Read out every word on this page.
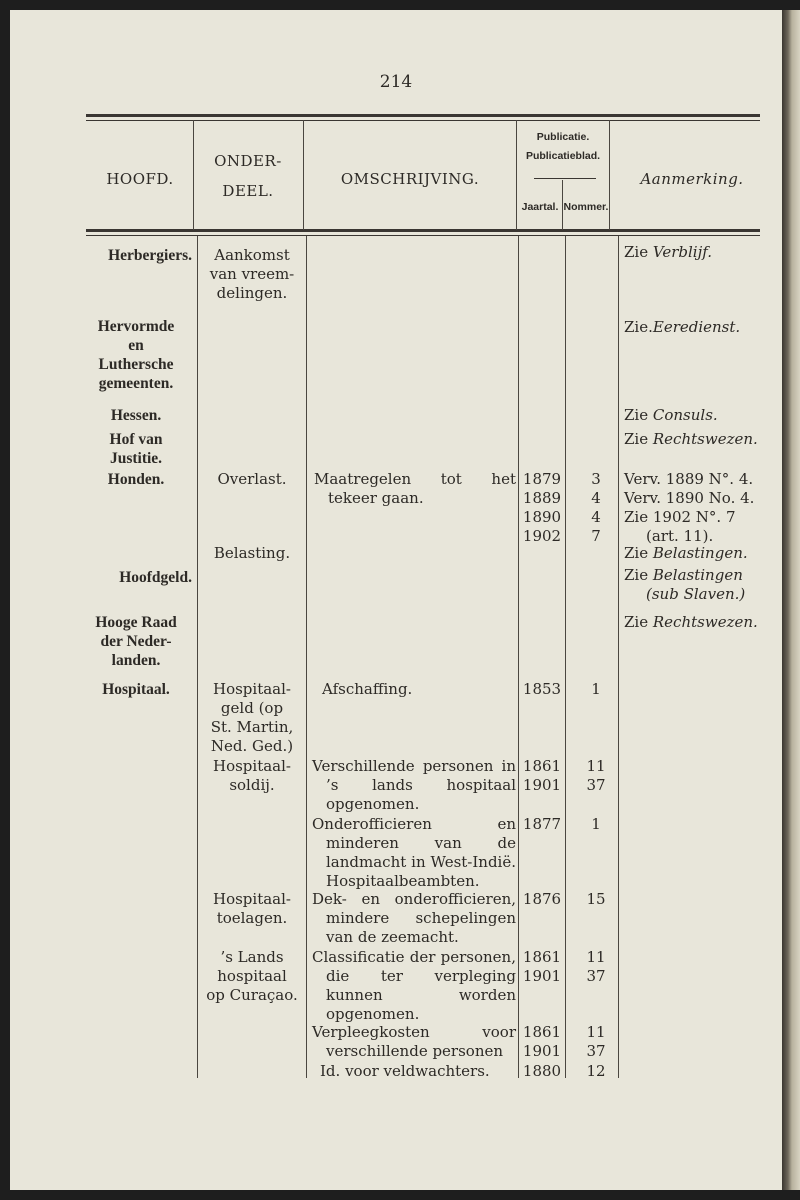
214
HOOFD.
ONDER-
DEEL.
OMSCHRIJVING.
Publicatie.
Publicatieblad.
Jaartal. Nommer.
Aanmerking.
Herbergiers.
Hervormde
en
Luthersche
gemeenten.
Hessen.
Hof van
Justitie.
Honden.
Hoofdgeld.
Hooge Raad
der Neder-
landen.
Hospitaal.
Aankomst
van vreem-
delingen.
Overlast.
Belasting.
Hospitaal-
geld (op
St. Martin,
Ned. Ged.)
Hospitaal-
soldij.
Hospitaal-
toelagen.
’s Lands
hospitaal
op Curaçao.
Maatregelen tot het tekeer gaan.
Afschaffing.
Verschillende personen in ’s lands hospitaal opgenomen.
Onderofficieren en minderen van de landmacht in West-Indië. Hospitaalbeambten.
Dek- en onderofficieren, mindere schepelingen van de zeemacht.
Classificatie der personen, die ter verpleging kunnen worden opgenomen.
Verpleegkosten voor verschillende personen
Id. voor veldwachters.
1879
1889
1890
1902
1853
1861
1901
1877
1876
1861
1901
1861
1901
1880
3
4
4
7
1
11
37
1
15
11
37
11
37
12
Zie Verblijf.
Zie.Eeredienst.
Zie Consuls.
Zie Rechtswezen.
Verv. 1889 N°. 4.
Verv. 1890 No. 4.
Zie 1902 N°. 7
(art. 11).
Zie Belastingen.
Zie Belastingen
(sub Slaven.)
Zie Rechtswezen.
